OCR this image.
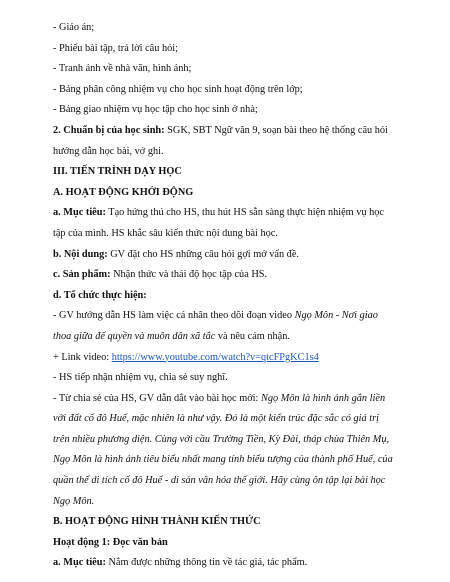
- Giáo án;
- Phiếu bài tập, trả lời câu hỏi;
- Tranh ảnh về nhà văn, hình ảnh;
- Bảng phân công nhiệm vụ cho học sinh hoạt động trên lớp;
- Bảng giao nhiệm vụ học tập cho học sinh ở nhà;
2. Chuẩn bị của học sinh: SGK, SBT Ngữ văn 9, soạn bài theo hệ thống câu hỏi hướng dẫn học bài, vở ghi.
III. TIẾN TRÌNH DẠY HỌC
A. HOẠT ĐỘNG KHỞI ĐỘNG
a. Mục tiêu: Tạo hứng thú cho HS, thu hút HS sẵn sàng thực hiện nhiệm vụ học tập của mình. HS khắc sâu kiến thức nội dung bài học.
b. Nội dung: GV đặt cho HS những câu hỏi gợi mở vấn đề.
c. Sản phẩm: Nhận thức và thái độ học tập của HS.
d. Tổ chức thực hiện:
- GV hướng dẫn HS làm việc cá nhân theo dõi đoạn video Ngọ Môn - Nơi giao thoa giữa đế quyền và muôn dân xã tắc và nêu cảm nhận.
+ Link video: https://www.youtube.com/watch?v=qtcFPgKC1s4
- HS tiếp nhận nhiệm vụ, chia sẻ suy nghĩ.
- Từ chia sẻ của HS, GV dẫn dắt vào bài học mới: Ngọ Môn là hình ảnh gắn liền với đất cố đô Huế, mặc nhiên là như vậy. Đó là một kiến trúc đặc sắc có giá trị trên nhiều phương diện. Cùng với cầu Trường Tiền, Kỳ Đài, tháp chùa Thiên Mụ, Ngọ Môn là hình ảnh tiêu biểu nhất mang tính biểu tượng của thành phố Huế, của quần thể di tích cố đô Huế - di sản văn hóa thế giới. Hãy cùng ôn tập lại bài học Ngọ Môn.
B. HOẠT ĐỘNG HÌNH THÀNH KIẾN THỨC
Hoạt động 1: Đọc văn bản
a. Mục tiêu: Nắm được những thông tin về tác giả, tác phẩm.
